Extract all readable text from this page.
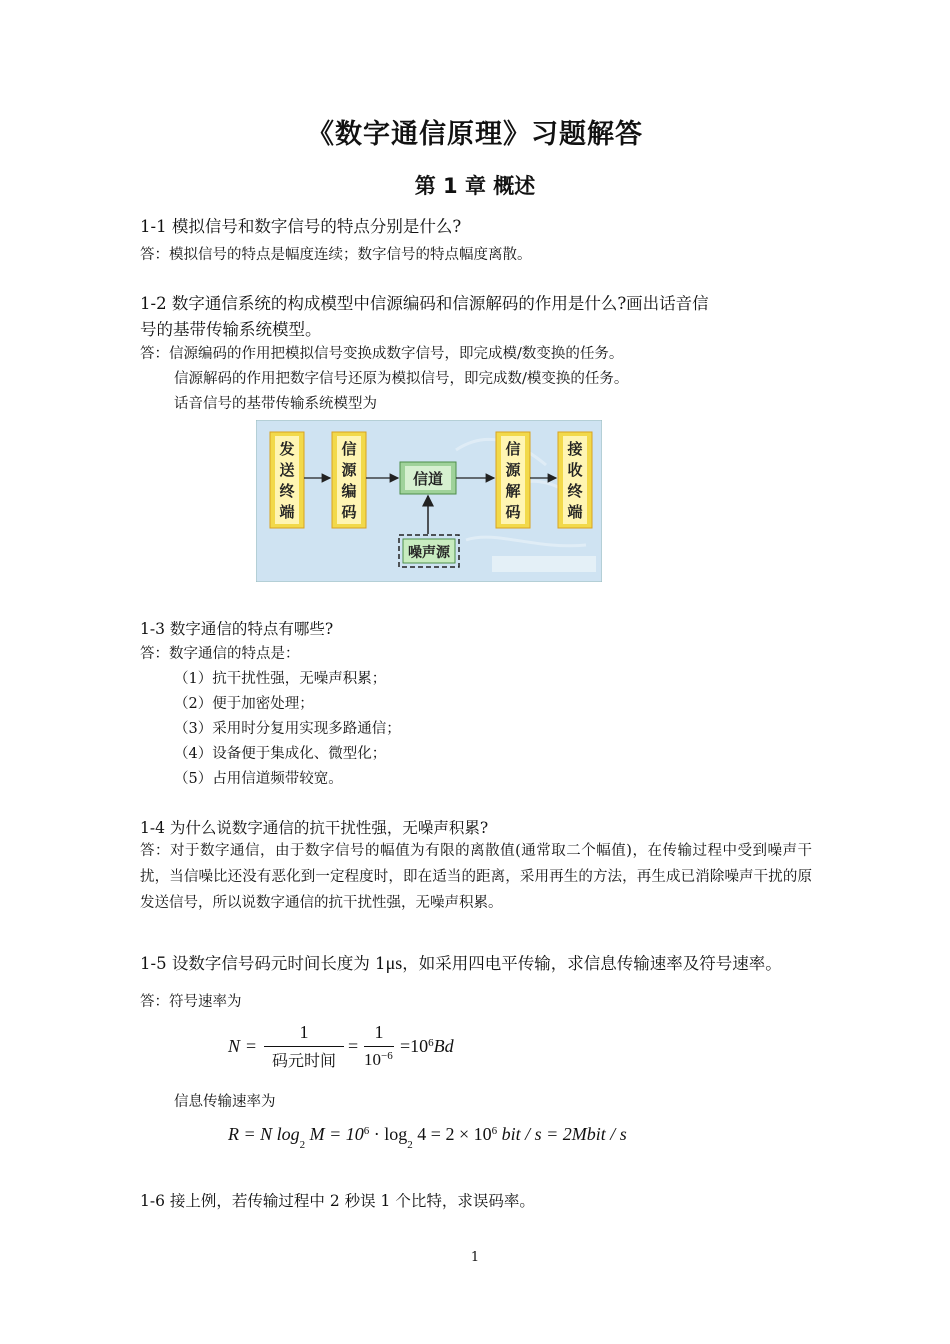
《数字通信原理》习题解答
第 1 章 概述
1-1 模拟信号和数字信号的特点分别是什么?
答：模拟信号的特点是幅度连续；数字信号的特点幅度离散。
1-2 数字通信系统的构成模型中信源编码和信源解码的作用是什么?画出话音信
号的基带传输系统模型。
答：信源编码的作用把模拟信号变换成数字信号，即完成模/数变换的任务。
信源解码的作用把数字信号还原为模拟信号，即完成数/模变换的任务。
话音信号的基带传输系统模型为
发
送
终
端
信
源
编
码
信道
信
源
解
码
接
收
终
端
噪声源
1-3 数字通信的特点有哪些?
答：数字通信的特点是：
（1）抗干扰性强，无噪声积累；
（2）便于加密处理；
（3）采用时分复用实现多路通信；
（4）设备便于集成化、微型化；
（5）占用信道频带较宽。
1-4 为什么说数字通信的抗干扰性强，无噪声积累?
答：对于数字通信，由于数字信号的幅值为有限的离散值(通常取二个幅值)，在传输过程中受到噪声干扰，当信噪比还没有恶化到一定程度时，即在适当的距离，采用再生的方法，再生成已消除噪声干扰的原发送信号，所以说数字通信的抗干扰性强，无噪声积累。
1-5 设数字信号码元时间长度为 1μs，如采用四电平传输，求信息传输速率及符号速率。
答：符号速率为
N =
1
码元时间
=
1
$10^{-6} =10^6Bd$
信息传输速率为
R = N $\log_2 M = 10^6 \cdot \log_2 4 = 2 \times 10^6$ bit / s = 2Mbit / s
1-6 接上例，若传输过程中 2 秒误 1 个比特，求误码率。
1
